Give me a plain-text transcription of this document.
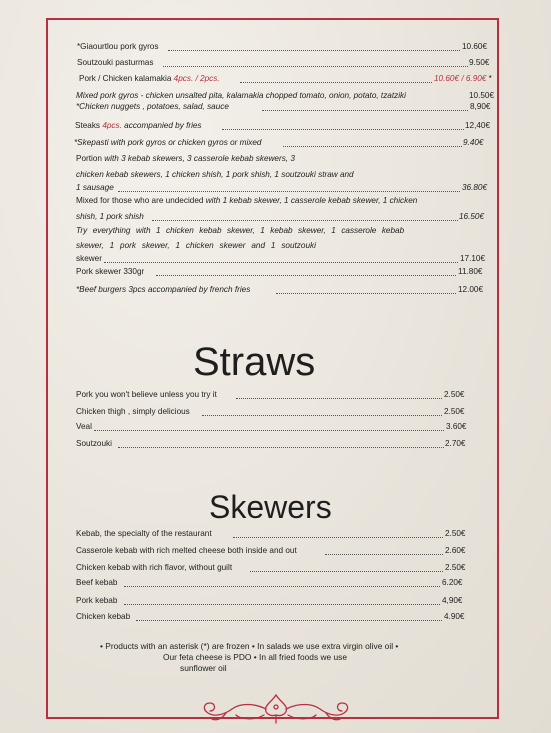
*Giaourtlou pork gyros	10.60€
Soutzouki pasturmas	9.50€
Pork / Chicken kalamakia 4pcs. / 2pcs.	10.60€ / 6.90€ *
Mixed pork gyros - chicken unsalted pita, kalamakia chopped tomato, onion, potato, tzatziki	10.50€
*Chicken nuggets , potatoes, salad, sauce	8,90€
Steaks 4pcs. accompanied by fries	12,40€
*Skepasti with pork gyros or chicken gyros or mixed	9.40€
Portion with 3 kebab skewers, 3 casserole kebab skewers, 3
chicken kebab skewers, 1 chicken shish, 1 pork shish, 1 soutzouki straw and
1 sausage	36.80€
Mixed for those who are undecided with 1 kebab skewer, 1 casserole kebab skewer, 1 chicken
shish, 1 pork shish	16.50€
Try everything with 1 chicken kebab skewer, 1 kebab skewer, 1 casserole kebab
skewer, 1 pork skewer, 1 chicken skewer and 1 soutzouki
skewer	17.10€
Pork skewer 330gr	11.80€
*Beef burgers 3pcs accompanied by french fries	12.00€
Straws
Pork you won't believe unless you try it	2.50€
Chicken thigh , simply delicious	2.50€
Veal	3.60€
Soutzouki	2.70€
Skewers
Kebab, the specialty of the restaurant	2.50€
Casserole kebab with rich melted cheese both inside and out	2.60€
Chicken kebab with rich flavor, without guilt	2.50€
Beef kebab	6.20€
Pork kebab	4,90€
Chicken kebab	4.90€
• Products with an asterisk (*) are frozen • In salads we use extra virgin olive oil •
Our feta cheese is PDO • In all fried foods we use
sunflower oil
